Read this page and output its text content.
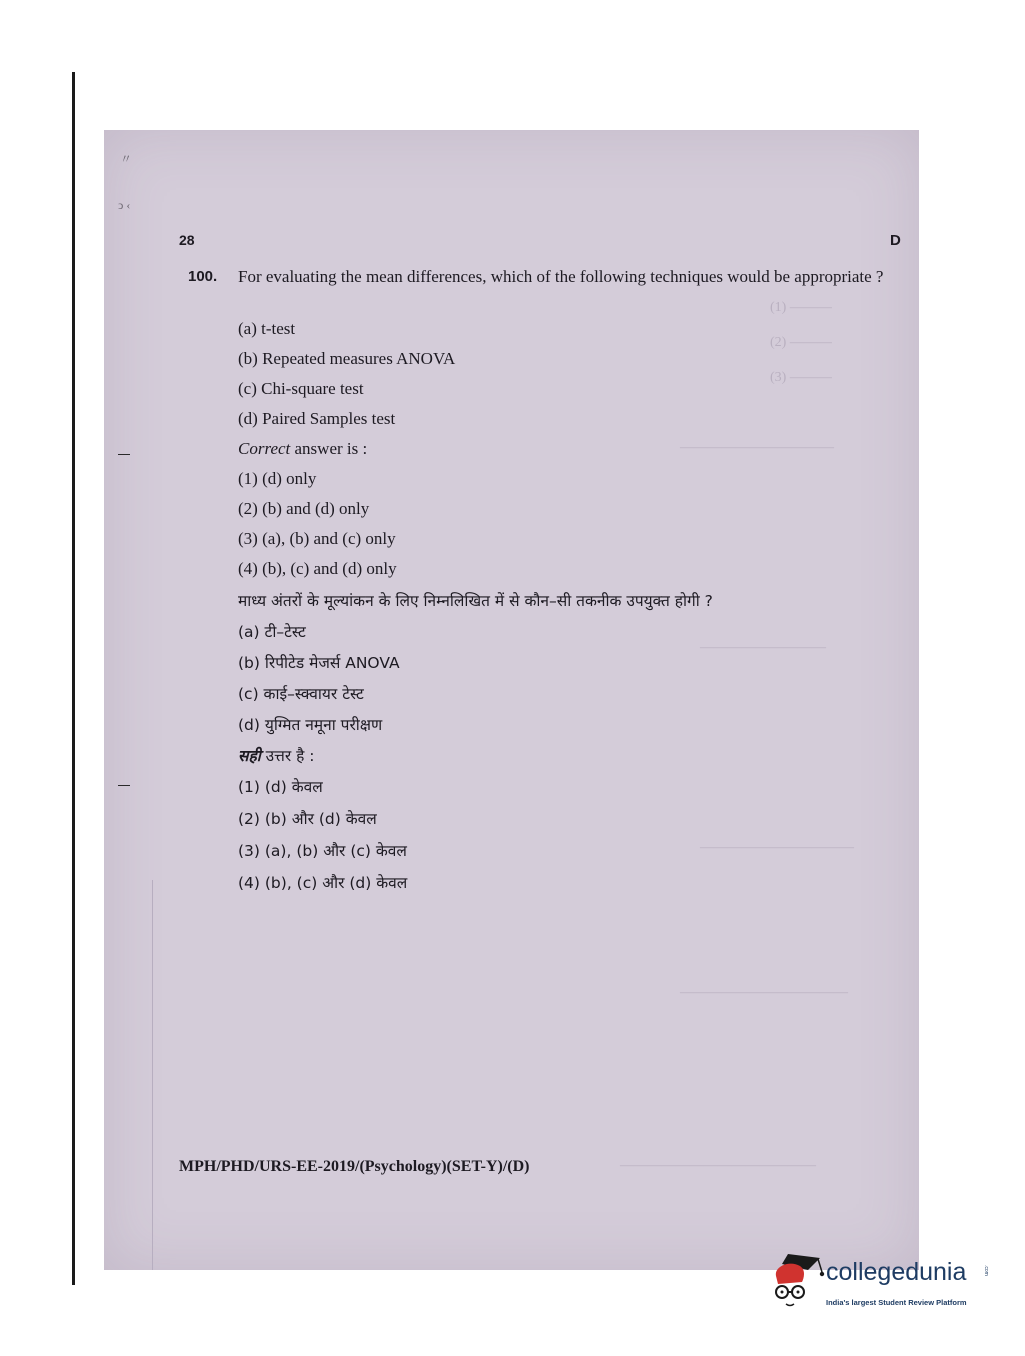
(1) ———
(2) ———
(3) ———
———————————
—————————
———————————
————————————
——————————————
〃
ↄ ‹
28	D
100. For evaluating the mean differences, which of the following techniques would be appropriate ?
(a) t-test
(b) Repeated measures ANOVA
(c) Chi-square test
(d) Paired Samples test
Correct answer is :
(1) (d) only
(2) (b) and (d) only
(3) (a), (b) and (c) only
(4) (b), (c) and (d) only
माध्य अंतरों के मूल्यांकन के लिए निम्नलिखित में से कौन–सी तकनीक उपयुक्त होगी ?
(a) टी–टेस्ट
(b) रिपीटेड मेजर्स ANOVA
(c) काई–स्क्वायर टेस्ट
(d) युग्मित नमूना परीक्षण
सही उत्तर है :
(1) (d) केवल
(2) (b) और (d) केवल
(3) (a), (b) और (c) केवल
(4) (b), (c) और (d) केवल
MPH/PHD/URS-EE-2019/(Psychology)(SET-Y)/(D)
collegedunia	.com
India's largest Student Review Platform
